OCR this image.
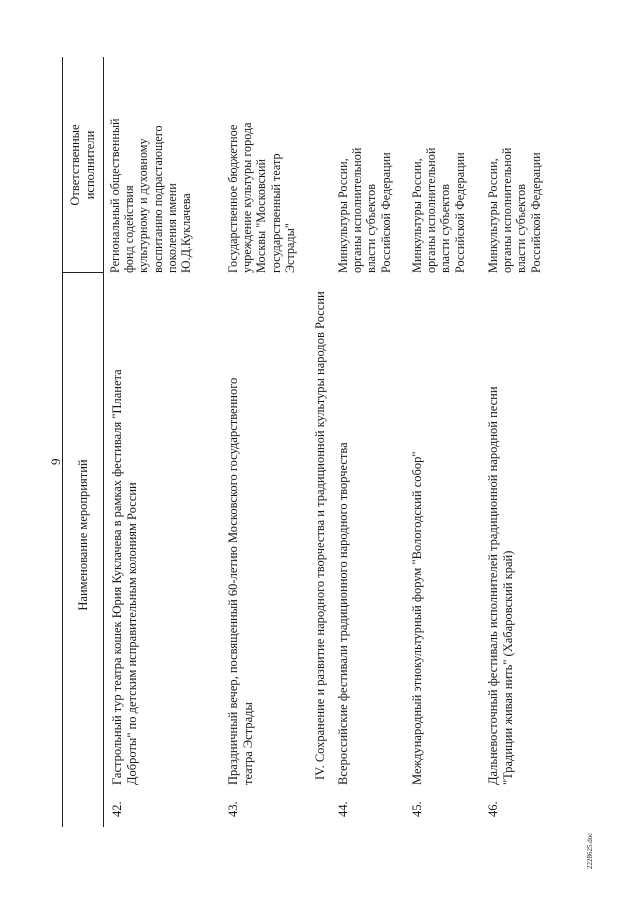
9 Наименование мероприятий
Ответственные исполнители
42.
Гастрольный тур театра кошек Юрия Куклачева в рамках фестиваля "Планета Доброты" по детским исправительным колониям России
Региональный общественный фонд содействия культурному и духовному воспитанию подрастающего поколения имени Ю.Д.Куклачева
43.
Праздничный вечер, посвященный 60-летию Московского государственного театра Эстрады
Государственное бюджетное учреждение культуры города Москвы "Московский государственный театр Эстрады"
IV. Сохранение и развитие народного творчества и традиционной культуры народов России
44.
Всероссийские фестивали традиционного народного творчества
Минкультуры России, органы исполнительной власти субъектов Российской Федерации
45.
Международный этнокультурный форум "Вологодский собор"
Минкультуры России, органы исполнительной власти субъектов Российской Федерации
46.
Дальневосточный фестиваль исполнителей традиционной народной песни "Традиции живая нить" (Хабаровский край)
Минкультуры России, органы исполнительной власти субъектов Российской Федерации
2228625.doc
